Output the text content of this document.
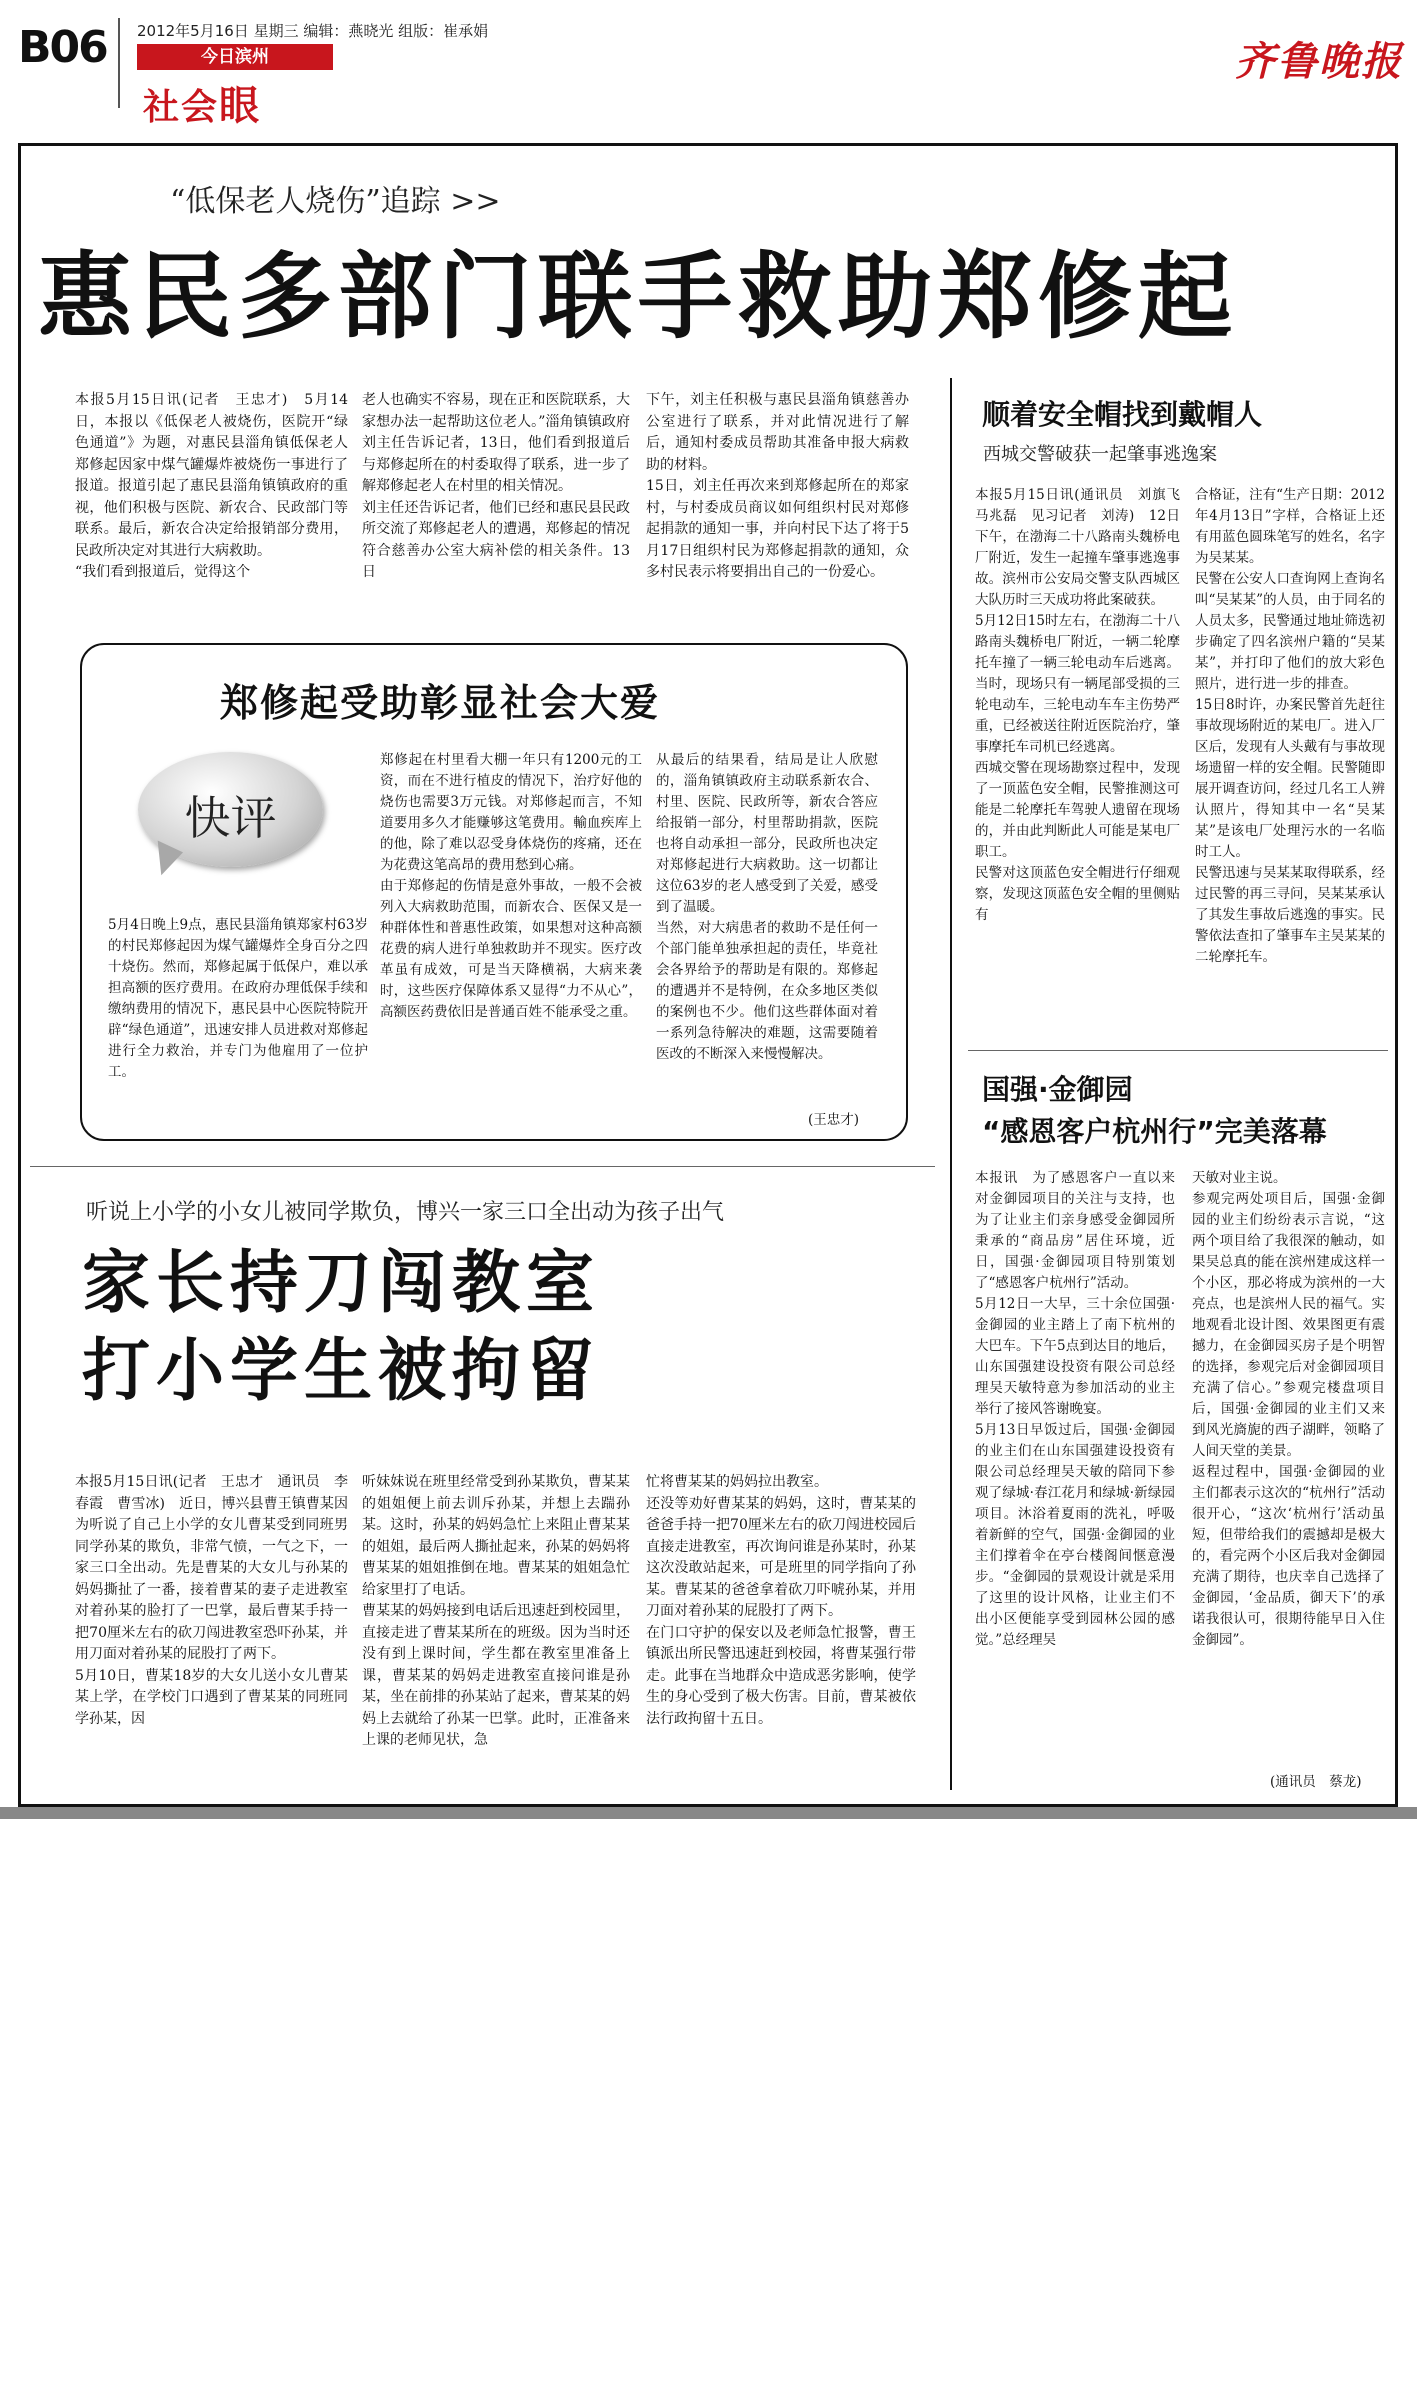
B06 2012年5月16日 星期三 编辑：燕晓光 组版：崔承娟
今日滨州
社会眼
齐鲁晚报
“低保老人烧伤”追踪 >>
惠民多部门联手救助郑修起
本报5月15日讯(记者　王忠才)　5月14日，本报以《低保老人被烧伤，医院开“绿色通道”》为题，对惠民县淄角镇低保老人郑修起因家中煤气罐爆炸被烧伤一事进行了报道。报道引起了惠民县淄角镇镇政府的重视，他们积极与医院、新农合、民政部门等联系。最后，新农合决定给报销部分费用，民政所决定对其进行大病救助。
“我们看到报道后，觉得这个
老人也确实不容易，现在正和医院联系，大家想办法一起帮助这位老人。”淄角镇镇政府刘主任告诉记者，13日，他们看到报道后与郑修起所在的村委取得了联系，进一步了解郑修起老人在村里的相关情况。
刘主任还告诉记者，他们已经和惠民县民政所交流了郑修起老人的遭遇，郑修起的情况符合慈善办公室大病补偿的相关条件。13日
下午，刘主任积极与惠民县淄角镇慈善办公室进行了联系，并对此情况进行了解后，通知村委成员帮助其准备申报大病救助的材料。
15日，刘主任再次来到郑修起所在的郑家村，与村委成员商议如何组织村民对郑修起捐款的通知一事，并向村民下达了将于5月17日组织村民为郑修起捐款的通知，众多村民表示将要捐出自己的一份爱心。
郑修起受助彰显社会大爱
快评
5月4日晚上9点，惠民县淄角镇郑家村63岁的村民郑修起因为煤气罐爆炸全身百分之四十烧伤。然而，郑修起属于低保户，难以承担高额的医疗费用。在政府办理低保手续和缴纳费用的情况下，惠民县中心医院特院开辟“绿色通道”，迅速安排人员进救对郑修起进行全力救治，并专门为他雇用了一位护工。
郑修起在村里看大棚一年只有1200元的工资，而在不进行植皮的情况下，治疗好他的烧伤也需要3万元钱。对郑修起而言，不知道要用多久才能赚够这笔费用。輸血疾库上的他，除了难以忍受身体烧伤的疼痛，还在为花费这笔高昂的费用愁到心痛。
由于郑修起的伤情是意外事故，一般不会被列入大病救助范围，而新农合、医保又是一种群体性和普惠性政策，如果想对这种高额花费的病人进行单独救助并不现实。医疗改革虽有成效，可是当天降横祸，大病来袭时，这些医疗保障体系又显得“力不从心”，高额医药费依旧是普通百姓不能承受之重。
从最后的结果看，结局是让人欣慰的，淄角镇镇政府主动联系新农合、村里、医院、民政所等，新农合答应给报销一部分，村里帮助捐款，医院也将自动承担一部分，民政所也决定对郑修起进行大病救助。这一切都让这位63岁的老人感受到了关爱，感受到了温暖。
当然，对大病患者的救助不是任何一个部门能单独承担起的责任，毕竟社会各界给予的帮助是有限的。郑修起的遭遇并不是特例，在众多地区类似的案例也不少。他们这些群体面对着一系列急待解决的难题，这需要随着医改的不断深入来慢慢解决。
(王忠才)
听说上小学的小女儿被同学欺负，博兴一家三口全出动为孩子出气
家长持刀闯教室
打小学生被拘留
本报5月15日讯(记者　王忠才　通讯员　李春霞　曹雪冰)　近日，博兴县曹王镇曹某因为听说了自己上小学的女儿曹某受到同班男同学孙某的欺负，非常气愤，一气之下，一家三口全出动。先是曹某的大女儿与孙某的妈妈撕扯了一番，接着曹某的妻子走进教室对着孙某的脸打了一巴掌，最后曹某手持一把70厘米左右的砍刀闯进教室恐吓孙某，并用刀面对着孙某的屁股打了两下。
5月10日，曹某18岁的大女儿送小女儿曹某某上学，在学校门口遇到了曹某某的同班同学孙某，因
听妹妹说在班里经常受到孙某欺负，曹某某的姐姐便上前去训斥孙某，并想上去踹孙某。这时，孙某的妈妈急忙上来阻止曹某某的姐姐，最后两人撕扯起来，孙某的妈妈将曹某某的姐姐推倒在地。曹某某的姐姐急忙给家里打了电话。
曹某某的妈妈接到电话后迅速赶到校园里，直接走进了曹某某所在的班级。因为当时还没有到上课时间，学生都在教室里准备上课，曹某某的妈妈走进教室直接问谁是孙某，坐在前排的孙某站了起来，曹某某的妈妈上去就给了孙某一巴掌。此时，正准备来上课的老师见状，急
忙将曹某某的妈妈拉出教室。
还没等劝好曹某某的妈妈，这时，曹某某的爸爸手持一把70厘米左右的砍刀闯进校园后直接走进教室，再次询问谁是孙某时，孙某这次没敢站起来，可是班里的同学指向了孙某。曹某某的爸爸拿着砍刀吓唬孙某，并用刀面对着孙某的屁股打了两下。
在门口守护的保安以及老师急忙报警，曹王镇派出所民警迅速赶到校园，将曹某强行带走。此事在当地群众中造成恶劣影响，使学生的身心受到了极大伤害。目前，曹某被依法行政拘留十五日。
顺着安全帽找到戴帽人
西城交警破获一起肇事逃逸案
本报5月15日讯(通讯员　刘旗飞　马兆磊　见习记者　刘涛)　12日下午，在渤海二十八路南头魏桥电厂附近，发生一起撞车肇事逃逸事故。滨州市公安局交警支队西城区大队历时三天成功将此案破获。
5月12日15时左右，在渤海二十八路南头魏桥电厂附近，一辆二轮摩托车撞了一辆三轮电动车后逃离。当时，现场只有一辆尾部受损的三轮电动车，三轮电动车车主伤势严重，已经被送往附近医院治疗，肇事摩托车司机已经逃离。
西城交警在现场勘察过程中，发现了一顶蓝色安全帽，民警推测这可能是二轮摩托车驾驶人遗留在现场的，并由此判断此人可能是某电厂职工。
民警对这顶蓝色安全帽进行仔细观察，发现这顶蓝色安全帽的里侧贴有
合格证，注有“生产日期：2012年4月13日”字样，合格证上还有用蓝色圆珠笔写的姓名，名字为吴某某。
民警在公安人口查询网上查询名叫“吴某某”的人员，由于同名的人员太多，民警通过地址筛选初步确定了四名滨州户籍的“吴某某”，并打印了他们的放大彩色照片，进行进一步的排查。
15日8时许，办案民警首先赶往事故现场附近的某电厂。进入厂区后，发现有人头戴有与事故现场遗留一样的安全帽。民警随即展开调查访问，经过几名工人辨认照片，得知其中一名“吴某某”是该电厂处理污水的一名临时工人。
民警迅速与吴某某取得联系，经过民警的再三寻问，吴某某承认了其发生事故后逃逸的事实。民警依法查扣了肇事车主吴某某的二轮摩托车。
国强·金御园
“感恩客户杭州行”完美落幕
本报讯　为了感恩客户一直以来对金御园项目的关注与支持，也为了让业主们亲身感受金御园所秉承的“商品房”居住环境，近日，国强·金御园项目特别策划了“感恩客户杭州行”活动。
5月12日一大早，三十余位国强·金御园的业主踏上了南下杭州的大巴车。下午5点到达目的地后，山东国强建设投资有限公司总经理吴天敏特意为参加活动的业主举行了接风答谢晚宴。
5月13日早饭过后，国强·金御园的业主们在山东国强建设投资有限公司总经理吴天敏的陪同下参观了绿城·春江花月和绿城·新绿园项目。沐浴着夏雨的洗礼，呼吸着新鲜的空气，国强·金御园的业主们撑着伞在亭台楼阁间惬意漫步。“金御园的景观设计就是采用了这里的设计风格，让业主们不出小区便能享受到园林公园的感觉。”总经理吴
天敏对业主说。
参观完两处项目后，国强·金御园的业主们纷纷表示言说，“这两个项目给了我很深的触动，如果吴总真的能在滨州建成这样一个小区，那必将成为滨州的一大亮点，也是滨州人民的福气。实地观看北设计图、效果图更有震撼力，在金御园买房子是个明智的选择，参观完后对金御园项目充满了信心。”参观完楼盘项目后，国强·金御园的业主们又来到风光旖旎的西子湖畔，领略了人间天堂的美景。
返程过程中，国强·金御园的业主们都表示这次的“杭州行”活动很开心，“这次‘杭州行’活动虽短，但带给我们的震撼却是极大的，看完两个小区后我对金御园充满了期待，也庆幸自己选择了金御园，‘金品质，御天下’的承诺我很认可，很期待能早日入住金御园”。
(通讯员　蔡龙)
